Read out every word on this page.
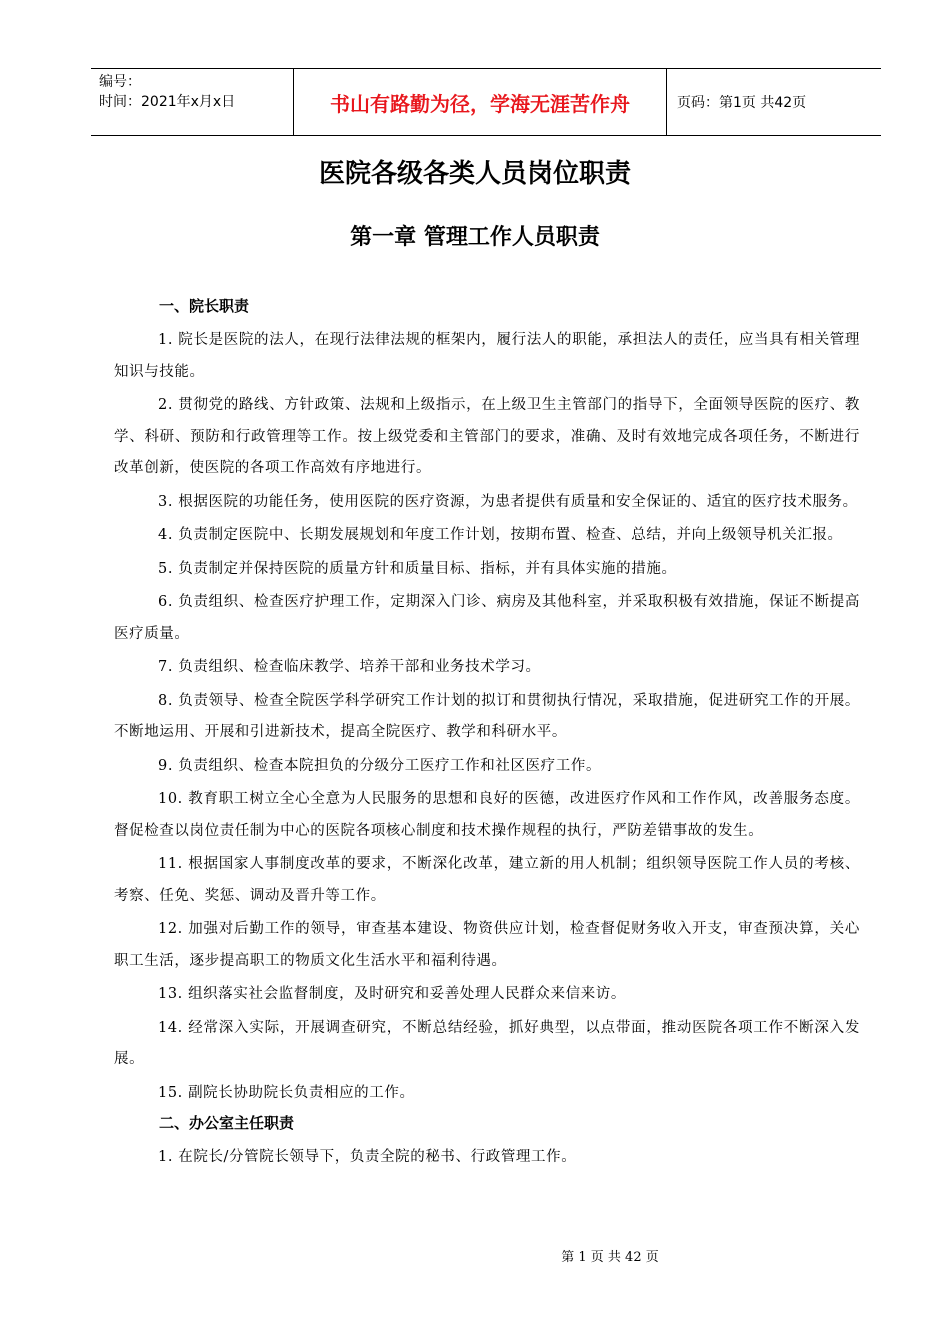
编号：
时间：2021年x月x日	书山有路勤为径，学海无涯苦作舟	页码：第1页 共42页
医院各级各类人员岗位职责
第一章 管理工作人员职责
一、院长职责

1. 院长是医院的法人，在现行法律法规的框架内，履行法人的职能，承担法人的责任，应当具有相关管理知识与技能。

2. 贯彻党的路线、方针政策、法规和上级指示，在上级卫生主管部门的指导下，全面领导医院的医疗、教学、科研、预防和行政管理等工作。按上级党委和主管部门的要求，准确、及时有效地完成各项任务，不断进行改革创新，使医院的各项工作高效有序地进行。

3. 根据医院的功能任务，使用医院的医疗资源，为患者提供有质量和安全保证的、适宜的医疗技术服务。

4. 负责制定医院中、长期发展规划和年度工作计划，按期布置、检查、总结，并向上级领导机关汇报。

5. 负责制定并保持医院的质量方针和质量目标、指标，并有具体实施的措施。

6. 负责组织、检查医疗护理工作，定期深入门诊、病房及其他科室，并采取积极有效措施，保证不断提高医疗质量。

7. 负责组织、检查临床教学、培养干部和业务技术学习。

8. 负责领导、检查全院医学科学研究工作计划的拟订和贯彻执行情况，采取措施，促进研究工作的开展。不断地运用、开展和引进新技术，提高全院医疗、教学和科研水平。

9. 负责组织、检查本院担负的分级分工医疗工作和社区医疗工作。

10. 教育职工树立全心全意为人民服务的思想和良好的医德，改进医疗作风和工作作风，改善服务态度。督促检查以岗位责任制为中心的医院各项核心制度和技术操作规程的执行，严防差错事故的发生。

11. 根据国家人事制度改革的要求，不断深化改革，建立新的用人机制；组织领导医院工作人员的考核、考察、任免、奖惩、调动及晋升等工作。

12. 加强对后勤工作的领导，审查基本建设、物资供应计划，检查督促财务收入开支，审查预决算，关心职工生活，逐步提高职工的物质文化生活水平和福利待遇。

13. 组织落实社会监督制度，及时研究和妥善处理人民群众来信来访。

14. 经常深入实际，开展调查研究，不断总结经验，抓好典型，以点带面，推动医院各项工作不断深入发展。

15. 副院长协助院长负责相应的工作。

二、办公室主任职责

1. 在院长/分管院长领导下，负责全院的秘书、行政管理工作。

第 1 页 共 42 页
